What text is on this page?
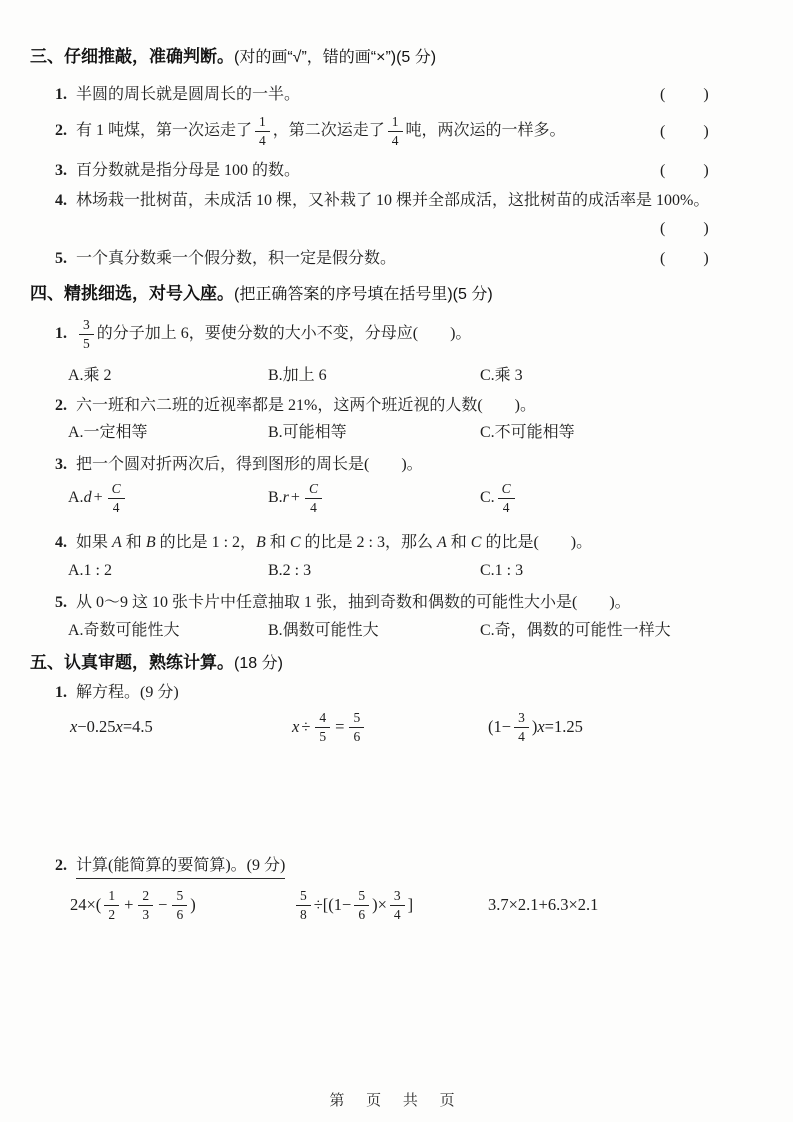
三、仔细推敲，准确判断。(对的画“√”，错的画“×”)(5 分)
1. 半圆的周长就是圆周长的一半。	(　　)
2. 有 1 吨煤，第一次运走了 $\frac{1}{4}$ ，第二次运走了 $\frac{1}{4}$ 吨，两次运的一样多。	(　　)
3. 百分数就是指分母是 100 的数。	(　　)
4. 林场栽一批树苗，未成活 10 棵，又补栽了 10 棵并全部成活，这批树苗的成活率是 100%。
(　　)
5. 一个真分数乘一个假分数，积一定是假分数。	(　　)
四、精挑细选，对号入座。(把正确答案的序号填在括号里)(5 分)
1. $\frac{3}{5}$ 的分子加上 6，要使分数的大小不变，分母应(　　)。
A.乘 2	B.加上 6	C.乘 3
2. 六一班和六二班的近视率都是 21%，这两个班近视的人数(　　)。
A.一定相等	B.可能相等	C.不可能相等
3. 把一个圆对折两次后，得到图形的周长是(　　)。
A. $d + \frac{C}{4}$	B. $r + \frac{C}{4}$	C. $\frac{C}{4}$
4. 如果 A 和 B 的比是 1 : 2，B 和 C 的比是 2 : 3，那么 A 和 C 的比是(　　)。
A.1 : 2	B.2 : 3	C.1 : 3
5. 从 0～9 这 10 张卡片中任意抽取 1 张，抽到奇数和偶数的可能性大小是(　　)。
A.奇数可能性大	B.偶数可能性大	C.奇，偶数的可能性一样大
五、认真审题，熟练计算。(18 分)
1. 解方程。(9 分)
x −0.25 x =4.5	$x \div \frac{4}{5} = \frac{5}{6}$	($1- \frac{3}{4}$ ) x =1.25
2. 计算(能简算的要简算)。(9 分)
$24\times( \frac{1}{2} + \frac{2}{3} - \frac{5}{6}$ )	$\frac{5}{8} \div[(1- \frac{5}{6}$ )× $\frac{3}{4}$ ]	3.7×2.1+6.3×2.1
第 页 共 页
